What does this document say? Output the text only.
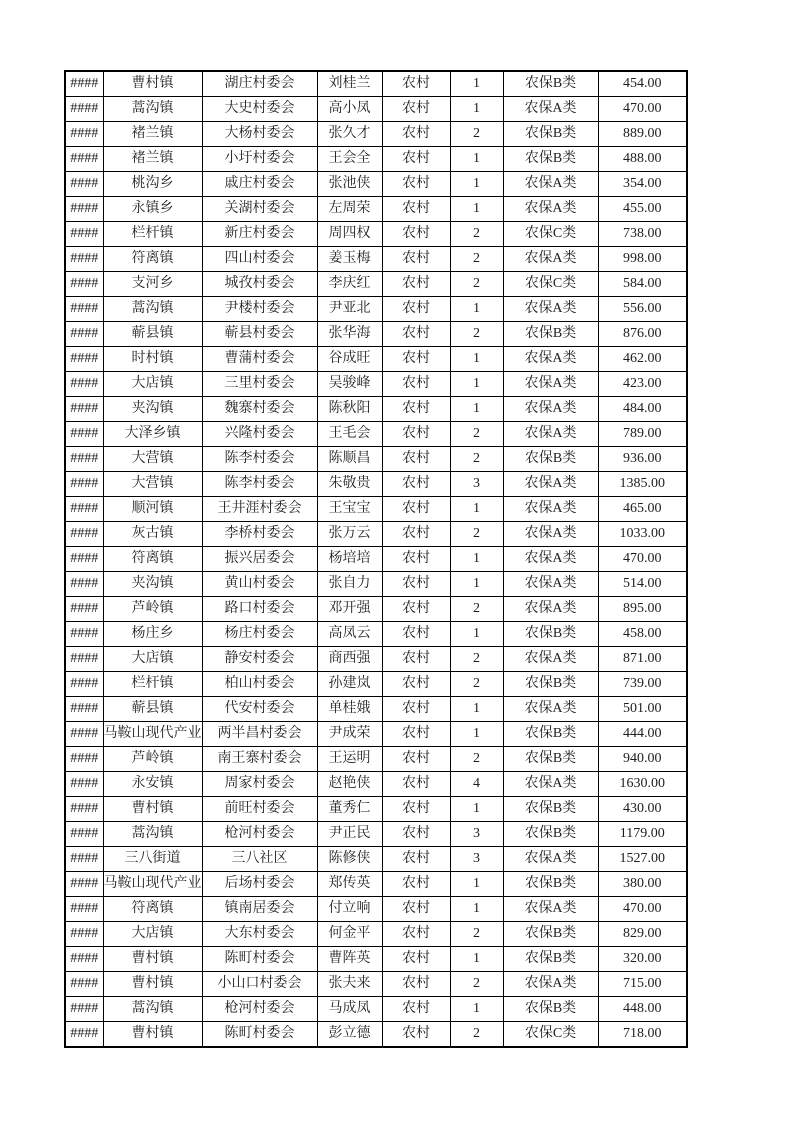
####	曹村镇	湖庄村委会	刘桂兰	农村	1	农保B类	454.00
####	蒿沟镇	大史村委会	高小凤	农村	1	农保A类	470.00
####	褚兰镇	大杨村委会	张久才	农村	2	农保B类	889.00
####	褚兰镇	小圩村委会	王会全	农村	1	农保B类	488.00
####	桃沟乡	戚庄村委会	张池侠	农村	1	农保A类	354.00
####	永镇乡	关湖村委会	左周荣	农村	1	农保A类	455.00
####	栏杆镇	新庄村委会	周四权	农村	2	农保C类	738.00
####	符离镇	四山村委会	姜玉梅	农村	2	农保A类	998.00
####	支河乡	城孜村委会	李庆红	农村	2	农保C类	584.00
####	蒿沟镇	尹楼村委会	尹亚北	农村	1	农保A类	556.00
####	蕲县镇	蕲县村委会	张华海	农村	2	农保B类	876.00
####	时村镇	曹蒲村委会	谷成旺	农村	1	农保A类	462.00
####	大店镇	三里村委会	吴骏峰	农村	1	农保A类	423.00
####	夹沟镇	魏寨村委会	陈秋阳	农村	1	农保A类	484.00
####	大泽乡镇	兴隆村委会	王毛会	农村	2	农保A类	789.00
####	大营镇	陈李村委会	陈顺昌	农村	2	农保B类	936.00
####	大营镇	陈李村委会	朱敬贵	农村	3	农保A类	1385.00
####	顺河镇	王井涯村委会	王宝宝	农村	1	农保A类	465.00
####	灰古镇	李桥村委会	张万云	农村	2	农保A类	1033.00
####	符离镇	振兴居委会	杨培培	农村	1	农保A类	470.00
####	夹沟镇	黄山村委会	张自力	农村	1	农保A类	514.00
####	芦岭镇	路口村委会	邓开强	农村	2	农保A类	895.00
####	杨庄乡	杨庄村委会	高凤云	农村	1	农保B类	458.00
####	大店镇	静安村委会	商西强	农村	2	农保A类	871.00
####	栏杆镇	柏山村委会	孙建岚	农村	2	农保B类	739.00
####	蕲县镇	代安村委会	单桂娥	农村	1	农保A类	501.00
####	马鞍山现代产业	两半昌村委会	尹成荣	农村	1	农保B类	444.00
####	芦岭镇	南王寨村委会	王运明	农村	2	农保B类	940.00
####	永安镇	周家村委会	赵艳侠	农村	4	农保A类	1630.00
####	曹村镇	前旺村委会	董秀仁	农村	1	农保B类	430.00
####	蒿沟镇	枪河村委会	尹正民	农村	3	农保B类	1179.00
####	三八街道	三八社区	陈修侠	农村	3	农保A类	1527.00
####	马鞍山现代产业	后场村委会	郑传英	农村	1	农保B类	380.00
####	符离镇	镇南居委会	付立响	农村	1	农保A类	470.00
####	大店镇	大东村委会	何金平	农村	2	农保B类	829.00
####	曹村镇	陈町村委会	曹阵英	农村	1	农保B类	320.00
####	曹村镇	小山口村委会	张夫来	农村	2	农保A类	715.00
####	蒿沟镇	枪河村委会	马成凤	农村	1	农保B类	448.00
####	曹村镇	陈町村委会	彭立德	农村	2	农保C类	718.00
